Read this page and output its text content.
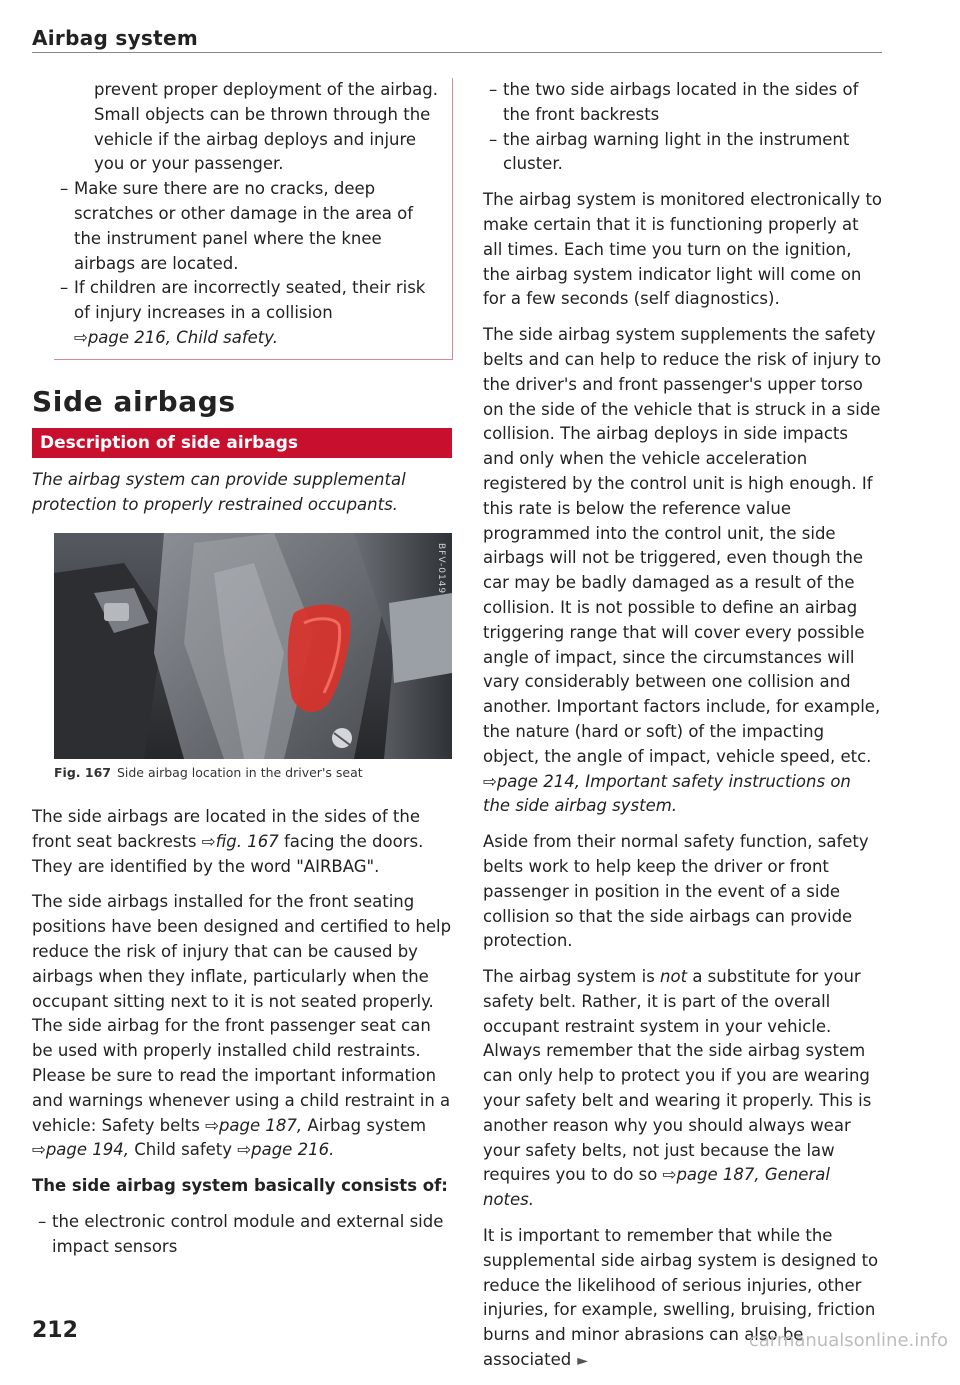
Airbag system

prevent proper deployment of the airbag. Small objects can be thrown through the vehicle if the airbag deploys and injure you or your passenger.

– Make sure there are no cracks, deep scratches or other damage in the area of the instrument panel where the knee airbags are located.

– If children are incorrectly seated, their risk of injury increases in a collision

⇨page 216, Child safety.

Side airbags
Description of side airbags
The airbag system can provide supplemental protection to properly restrained occupants.
BFV-0149
Fig. 167 Side airbag location in the driver's seat

The side airbags are located in the sides of the front seat backrests ⇨fig. 167 facing the doors. They are identified by the word "AIRBAG".

The side airbags installed for the front seating positions have been designed and certified to help reduce the risk of injury that can be caused by airbags when they inflate, particularly when the occupant sitting next to it is not seated properly. The side airbag for the front passenger seat can be used with properly installed child restraints. Please be sure to read the important information and warnings whenever using a child restraint in a vehicle: Safety belts ⇨page 187, Airbag system ⇨page 194, Child safety ⇨page 216.

The side airbag system basically consists of:

– the electronic control module and external side impact sensors

– the two side airbags located in the sides of the front backrests

– the airbag warning light in the instrument cluster.

The airbag system is monitored electronically to make certain that it is functioning properly at all times. Each time you turn on the ignition, the airbag system indicator light will come on for a few seconds (self diagnostics).

The side airbag system supplements the safety belts and can help to reduce the risk of injury to the driver's and front passenger's upper torso on the side of the vehicle that is struck in a side collision. The airbag deploys in side impacts and only when the vehicle acceleration registered by the control unit is high enough. If this rate is below the reference value programmed into the control unit, the side airbags will not be triggered, even though the car may be badly damaged as a result of the collision. It is not possible to define an airbag triggering range that will cover every possible angle of impact, since the circumstances will vary considerably between one collision and another. Important factors include, for example, the nature (hard or soft) of the impacting object, the angle of impact, vehicle speed, etc. ⇨page 214, Important safety instructions on the side airbag system.

Aside from their normal safety function, safety belts work to help keep the driver or front passenger in position in the event of a side collision so that the side airbags can provide protection.

The airbag system is not a substitute for your safety belt. Rather, it is part of the overall occupant restraint system in your vehicle. Always remember that the side airbag system can only help to protect you if you are wearing your safety belt and wearing it properly. This is another reason why you should always wear your safety belts, not just because the law requires you to do so ⇨page 187, General notes.

It is important to remember that while the supplemental side airbag system is designed to reduce the likelihood of serious injuries, other injuries, for example, swelling, bruising, friction burns and minor abrasions can also be associated ►

212	carmanualsonline.info
